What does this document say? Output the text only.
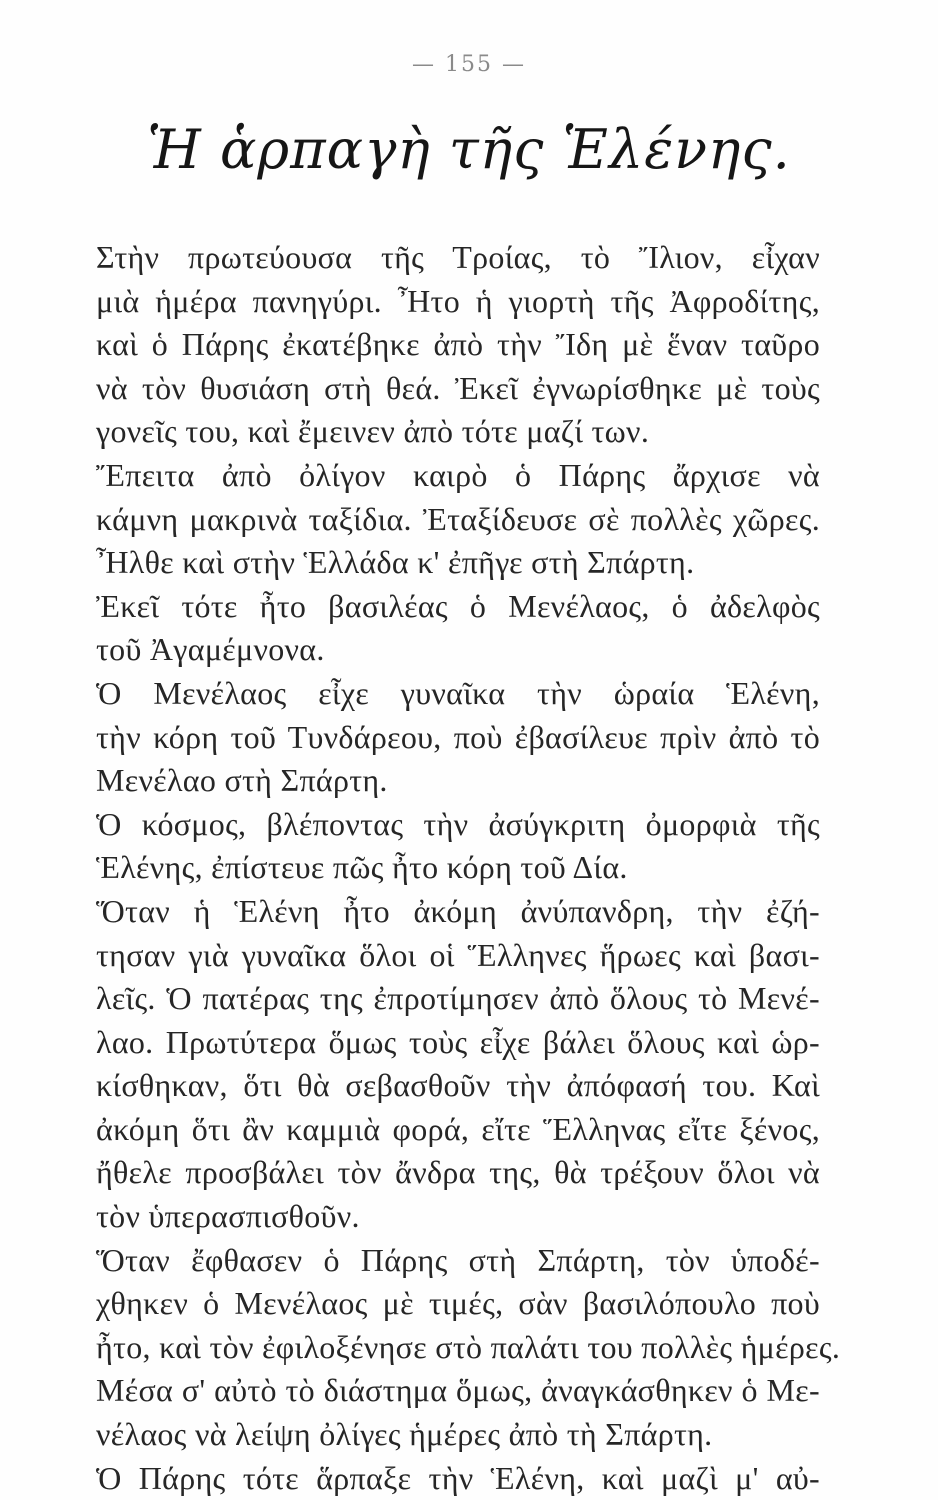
— 155 —
Ἡ ἁρπαγὴ τῆς Ἑλένης.
Στὴν πρωτεύουσα τῆς Τροίας, τὸ Ἴλιον, εἶχαν
μιὰ ἡμέρα πανηγύρι. Ἦτο ἡ γιορτὴ τῆς Ἀφροδίτης,
καὶ ὁ Πάρης ἐκατέβηκε ἀπὸ τὴν Ἴδη μὲ ἕναν ταῦρο
νὰ τὸν θυσιάση στὴ θεά. Ἐκεῖ ἐγνωρίσθηκε μὲ τοὺς
γονεῖς του, καὶ ἔμεινεν ἀπὸ τότε μαζί των.
Ἔπειτα ἀπὸ ὀλίγον καιρὸ ὁ Πάρης ἄρχισε νὰ
κάμνη μακρινὰ ταξίδια. Ἐταξίδευσε σὲ πολλὲς χῶρες.
Ἦλθε καὶ στὴν Ἑλλάδα κ' ἐπῆγε στὴ Σπάρτη.
Ἐκεῖ τότε ἦτο βασιλέας ὁ Μενέλαος, ὁ ἀδελφὸς
τοῦ Ἀγαμέμνονα.
Ὁ Μενέλαος εἶχε γυναῖκα τὴν ὡραία Ἑλένη,
τὴν κόρη τοῦ Τυνδάρεου, ποὺ ἐβασίλευε πρὶν ἀπὸ τὸ
Μενέλαο στὴ Σπάρτη.
Ὁ κόσμος, βλέποντας τὴν ἀσύγκριτη ὀμορφιὰ τῆς
Ἑλένης, ἐπίστευε πῶς ἦτο κόρη τοῦ Δία.
Ὅταν ἡ Ἑλένη ἦτο ἀκόμη ἀνύπανδρη, τὴν ἐζή-
τησαν γιὰ γυναῖκα ὅλοι οἱ Ἕλληνες ἥρωες καὶ βασι-
λεῖς. Ὁ πατέρας της ἐπροτίμησεν ἀπὸ ὅλους τὸ Μενέ-
λαο. Πρωτύτερα ὅμως τοὺς εἶχε βάλει ὅλους καὶ ὡρ-
κίσθηκαν, ὅτι θὰ σεβασθοῦν τὴν ἀπόφασή του. Καὶ
ἀκόμη ὅτι ἂν καμμιὰ φορά, εἴτε Ἕλληνας εἴτε ξένος,
ἤθελε προσβάλει τὸν ἄνδρα της, θὰ τρέξουν ὅλοι νὰ
τὸν ὑπερασπισθοῦν.
Ὅταν ἔφθασεν ὁ Πάρης στὴ Σπάρτη, τὸν ὑποδέ-
χθηκεν ὁ Μενέλαος μὲ τιμές, σὰν βασιλόπουλο ποὺ
ἦτο, καὶ τὸν ἐφιλοξένησε στὸ παλάτι του πολλὲς ἡμέρες.
Μέσα σ' αὐτὸ τὸ διάστημα ὅμως, ἀναγκάσθηκεν ὁ Με-
νέλαος νὰ λείψη ὀλίγες ἡμέρες ἀπὸ τὴ Σπάρτη.
Ὁ Πάρης τότε ἅρπαξε τὴν Ἑλένη, καὶ μαζὶ μ' αὐ-
